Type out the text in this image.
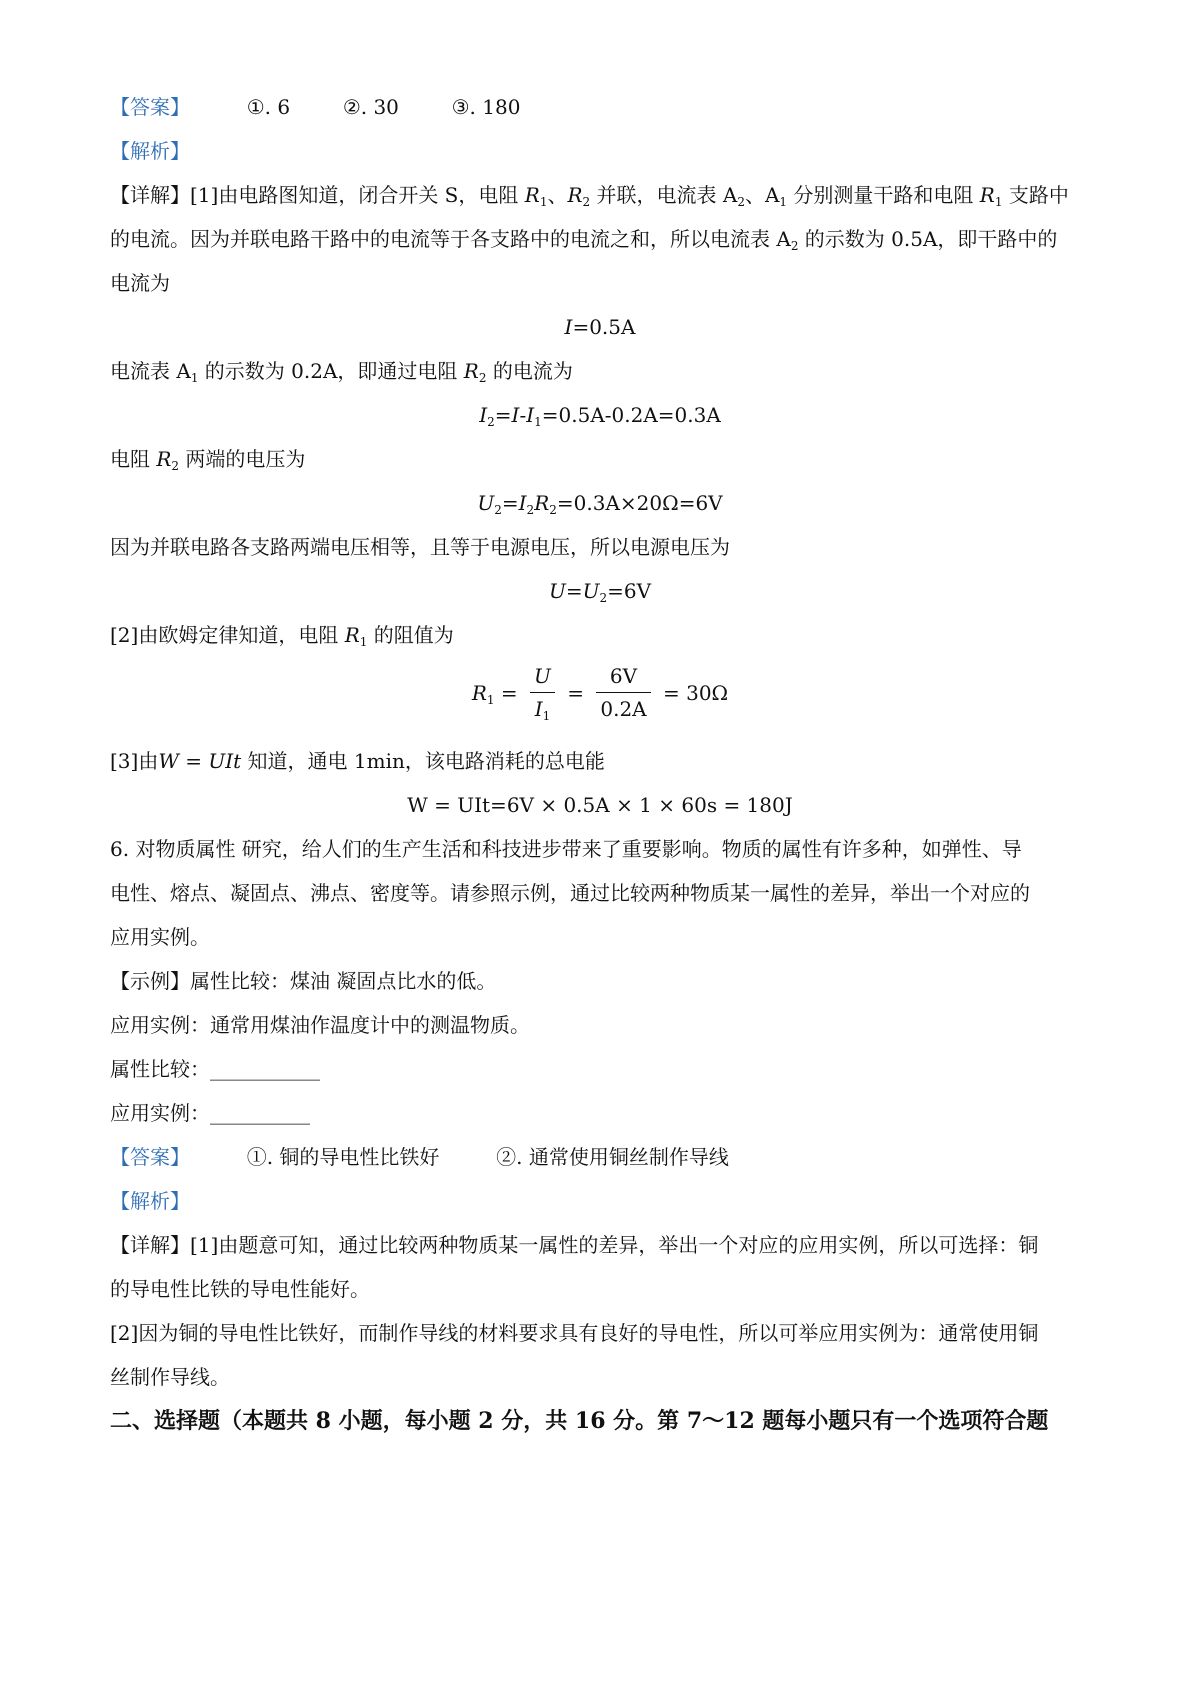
【答案】	①. 6	②. 30	③. 180
【解析】
【详解】[1]由电路图知道，闭合开关 S，电阻 $R_1$、$R_2$ 并联，电流表 $A_2$、$A_1$ 分别测量干路和电阻 $R_1$ 支路中
的电流。因为并联电路干路中的电流等于各支路中的电流之和，所以电流表 $A_2$ 的示数为 0.5A，即干路中的
电流为
I=0.5A
电流表 $A_1$ 的示数为 0.2A，即通过电阻 $R_2$ 的电流为
$I_2=I-I_1=0.5A-0.2A=0.3A$
电阻 $R_2$ 两端的电压为
$U_2=I_2R_2=0.3A\times 20\Omega=6V$
因为并联电路各支路两端电压相等，且等于电源电压，所以电源电压为
$U=U_2=6V$
[2]由欧姆定律知道，电阻 $R_1$ 的阻值为
$R_1 = \frac{U}{I_1} = \frac{6V}{0.2A} = 30\Omega$
[3]由W = UIt 知道，通电 1min，该电路消耗的总电能
W = UIt=6V × 0.5A × 1 × 60s = 180J
6. 对物质属性 研究，给人们的生产生活和科技进步带来了重要影响。物质的属性有许多种，如弹性、导
电性、熔点、凝固点、沸点、密度等。请参照示例，通过比较两种物质某一属性的差异，举出一个对应的
应用实例。
【示例】属性比较：煤油 凝固点比水的低。
应用实例：通常用煤油作温度计中的测温物质。
属性比较：___________
应用实例：__________
【答案】	①. 铜的导电性比铁好	②. 通常使用铜丝制作导线
【解析】
【详解】[1]由题意可知，通过比较两种物质某一属性的差异，举出一个对应的应用实例，所以可选择：铜
的导电性比铁的导电性能好。
[2]因为铜的导电性比铁好，而制作导线的材料要求具有良好的导电性，所以可举应用实例为：通常使用铜
丝制作导线。
二、选择题（本题共 8 小题，每小题 2 分，共 16 分。第 7～12 题每小题只有一个选项符合题
